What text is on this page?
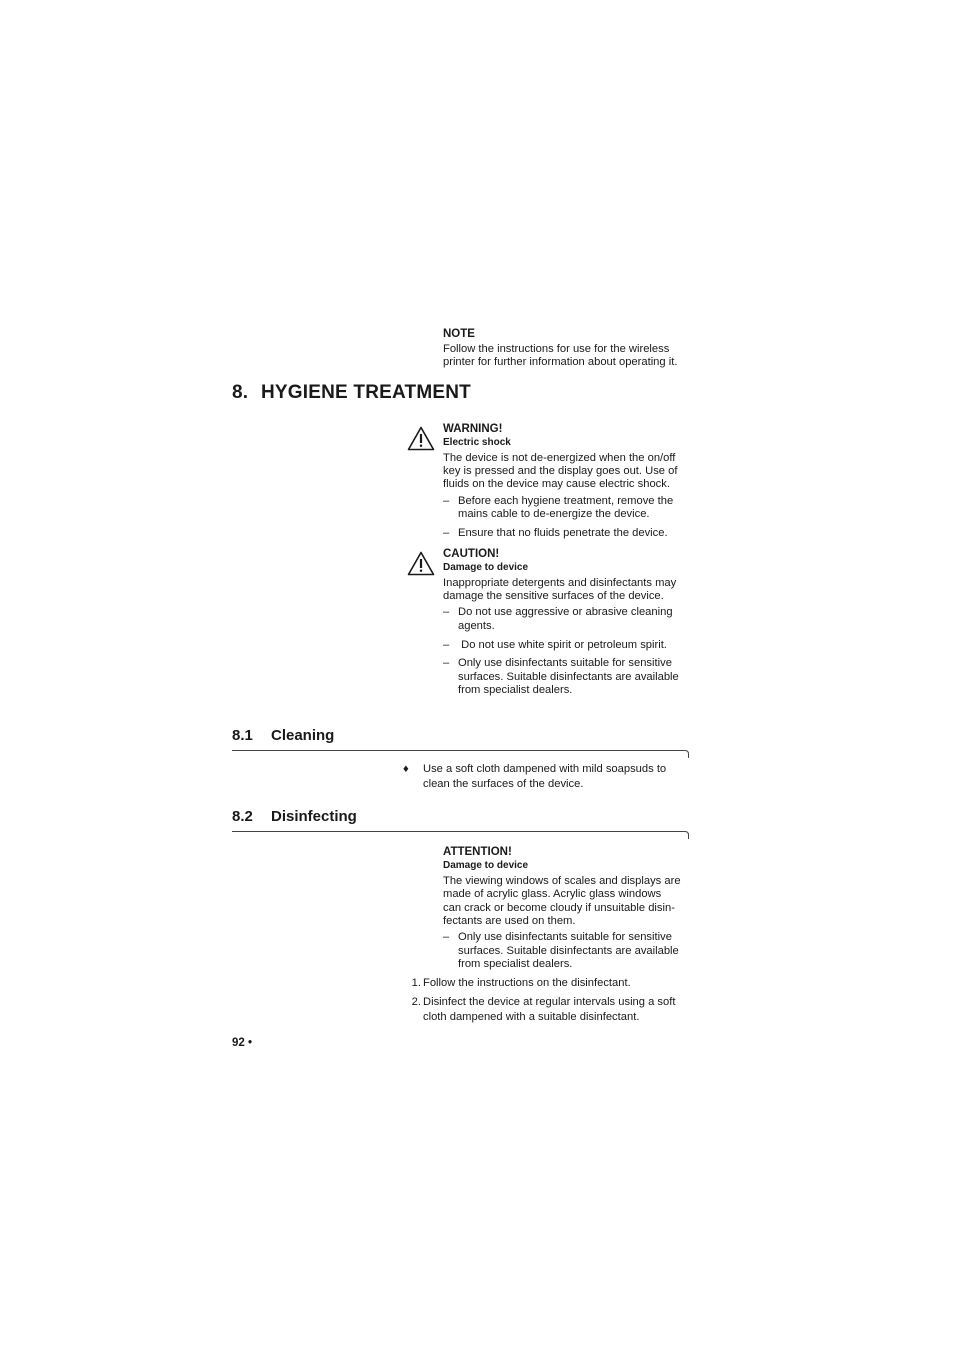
NOTE
Follow the instructions for use for the wireless
printer for further information about operating it.
8. HYGIENE TREATMENT
WARNING!
Electric shock
The device is not de-energized when the on/off
key is pressed and the display goes out. Use of
fluids on the device may cause electric shock.
– Before each hygiene treatment, remove the
mains cable to de-energize the device.
– Ensure that no fluids penetrate the device.
CAUTION!
Damage to device
Inappropriate detergents and disinfectants may
damage the sensitive surfaces of the device.
– Do not use aggressive or abrasive cleaning
agents.
– Do not use white spirit or petroleum spirit.
– Only use disinfectants suitable for sensitive
surfaces. Suitable disinfectants are available
from specialist dealers.
8.1 Cleaning
♦	Use a soft cloth dampened with mild soapsuds to
clean the surfaces of the device.
8.2 Disinfecting
ATTENTION!
Damage to device
The viewing windows of scales and displays are
made of acrylic glass. Acrylic glass windows
can crack or become cloudy if unsuitable disin-
fectants are used on them.
– Only use disinfectants suitable for sensitive
surfaces. Suitable disinfectants are available
from specialist dealers.
1. Follow the instructions on the disinfectant.
2. Disinfect the device at regular intervals using a soft
cloth dampened with a suitable disinfectant.
92 •
